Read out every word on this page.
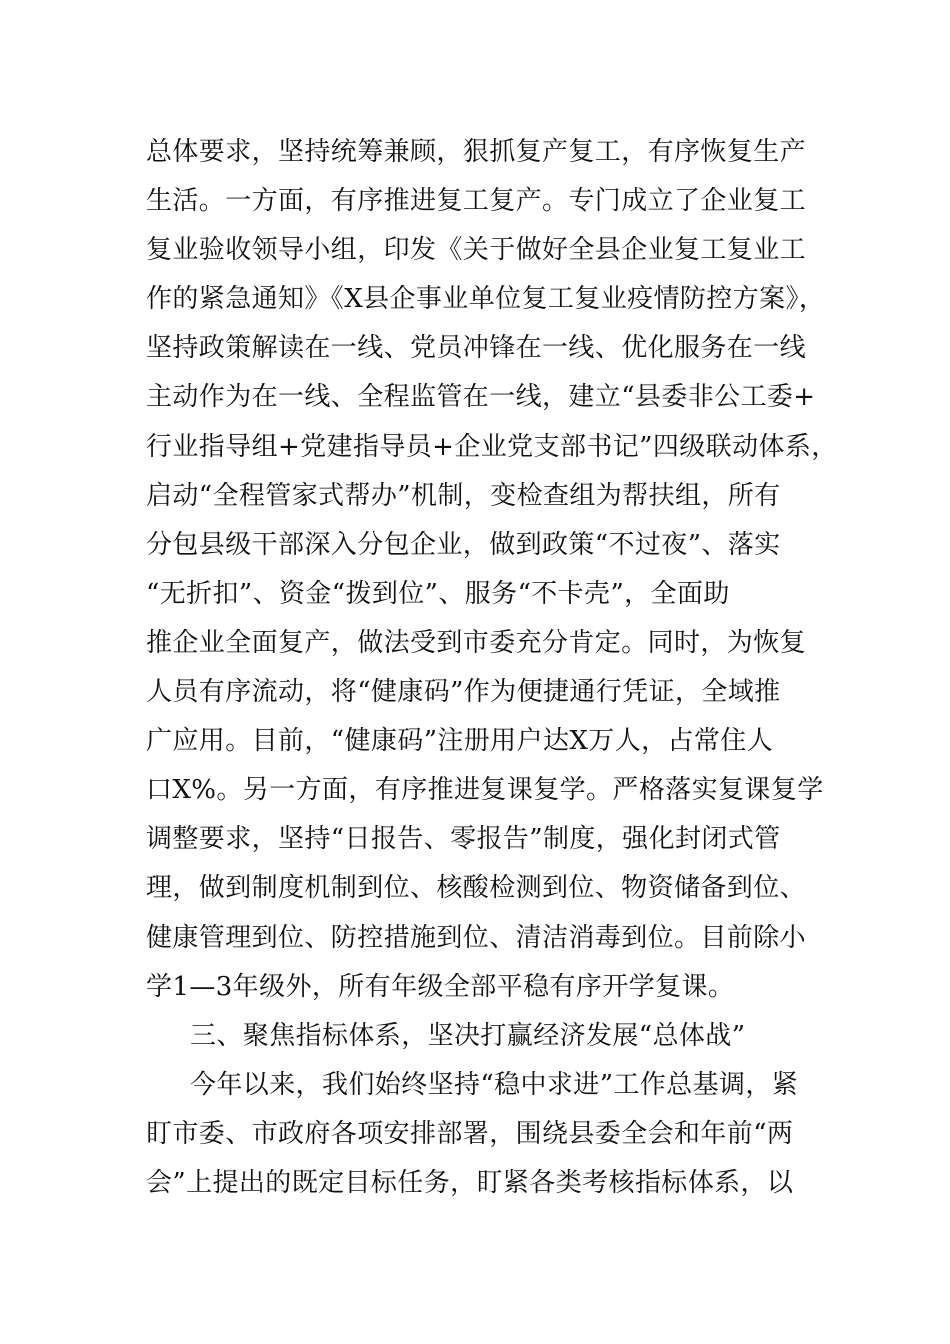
总体要求，坚持统筹兼顾，狠抓复产复工，有序恢复生产
生活。一方面，有序推进复工复产。专门成立了企业复工
复业验收领导小组，印发《关于做好全县企业复工复业工
作的紧急通知》《X县企事业单位复工复业疫情防控方案》，
坚持政策解读在一线、党员冲锋在一线、优化服务在一线
主动作为在一线、全程监管在一线，建立“县委非公工委+
行业指导组+党建指导员+企业党支部书记”四级联动体系，
启动“全程管家式帮办”机制，变检查组为帮扶组，所有
分包县级干部深入分包企业，做到政策“不过夜”、落实
“无折扣”、资金“拨到位”、服务“不卡壳”，全面助
推企业全面复产，做法受到市委充分肯定。同时，为恢复
人员有序流动，将“健康码”作为便捷通行凭证，全域推
广应用。目前，“健康码”注册用户达X万人，占常住人
口X%。另一方面，有序推进复课复学。严格落实复课复学
调整要求，坚持“日报告、零报告”制度，强化封闭式管
理，做到制度机制到位、核酸检测到位、物资储备到位、
健康管理到位、防控措施到位、清洁消毒到位。目前除小
学1—3年级外，所有年级全部平稳有序开学复课。
三、聚焦指标体系，坚决打赢经济发展“总体战”
今年以来，我们始终坚持“稳中求进”工作总基调，紧
盯市委、市政府各项安排部署，围绕县委全会和年前“两
会”上提出的既定目标任务，盯紧各类考核指标体系，以
